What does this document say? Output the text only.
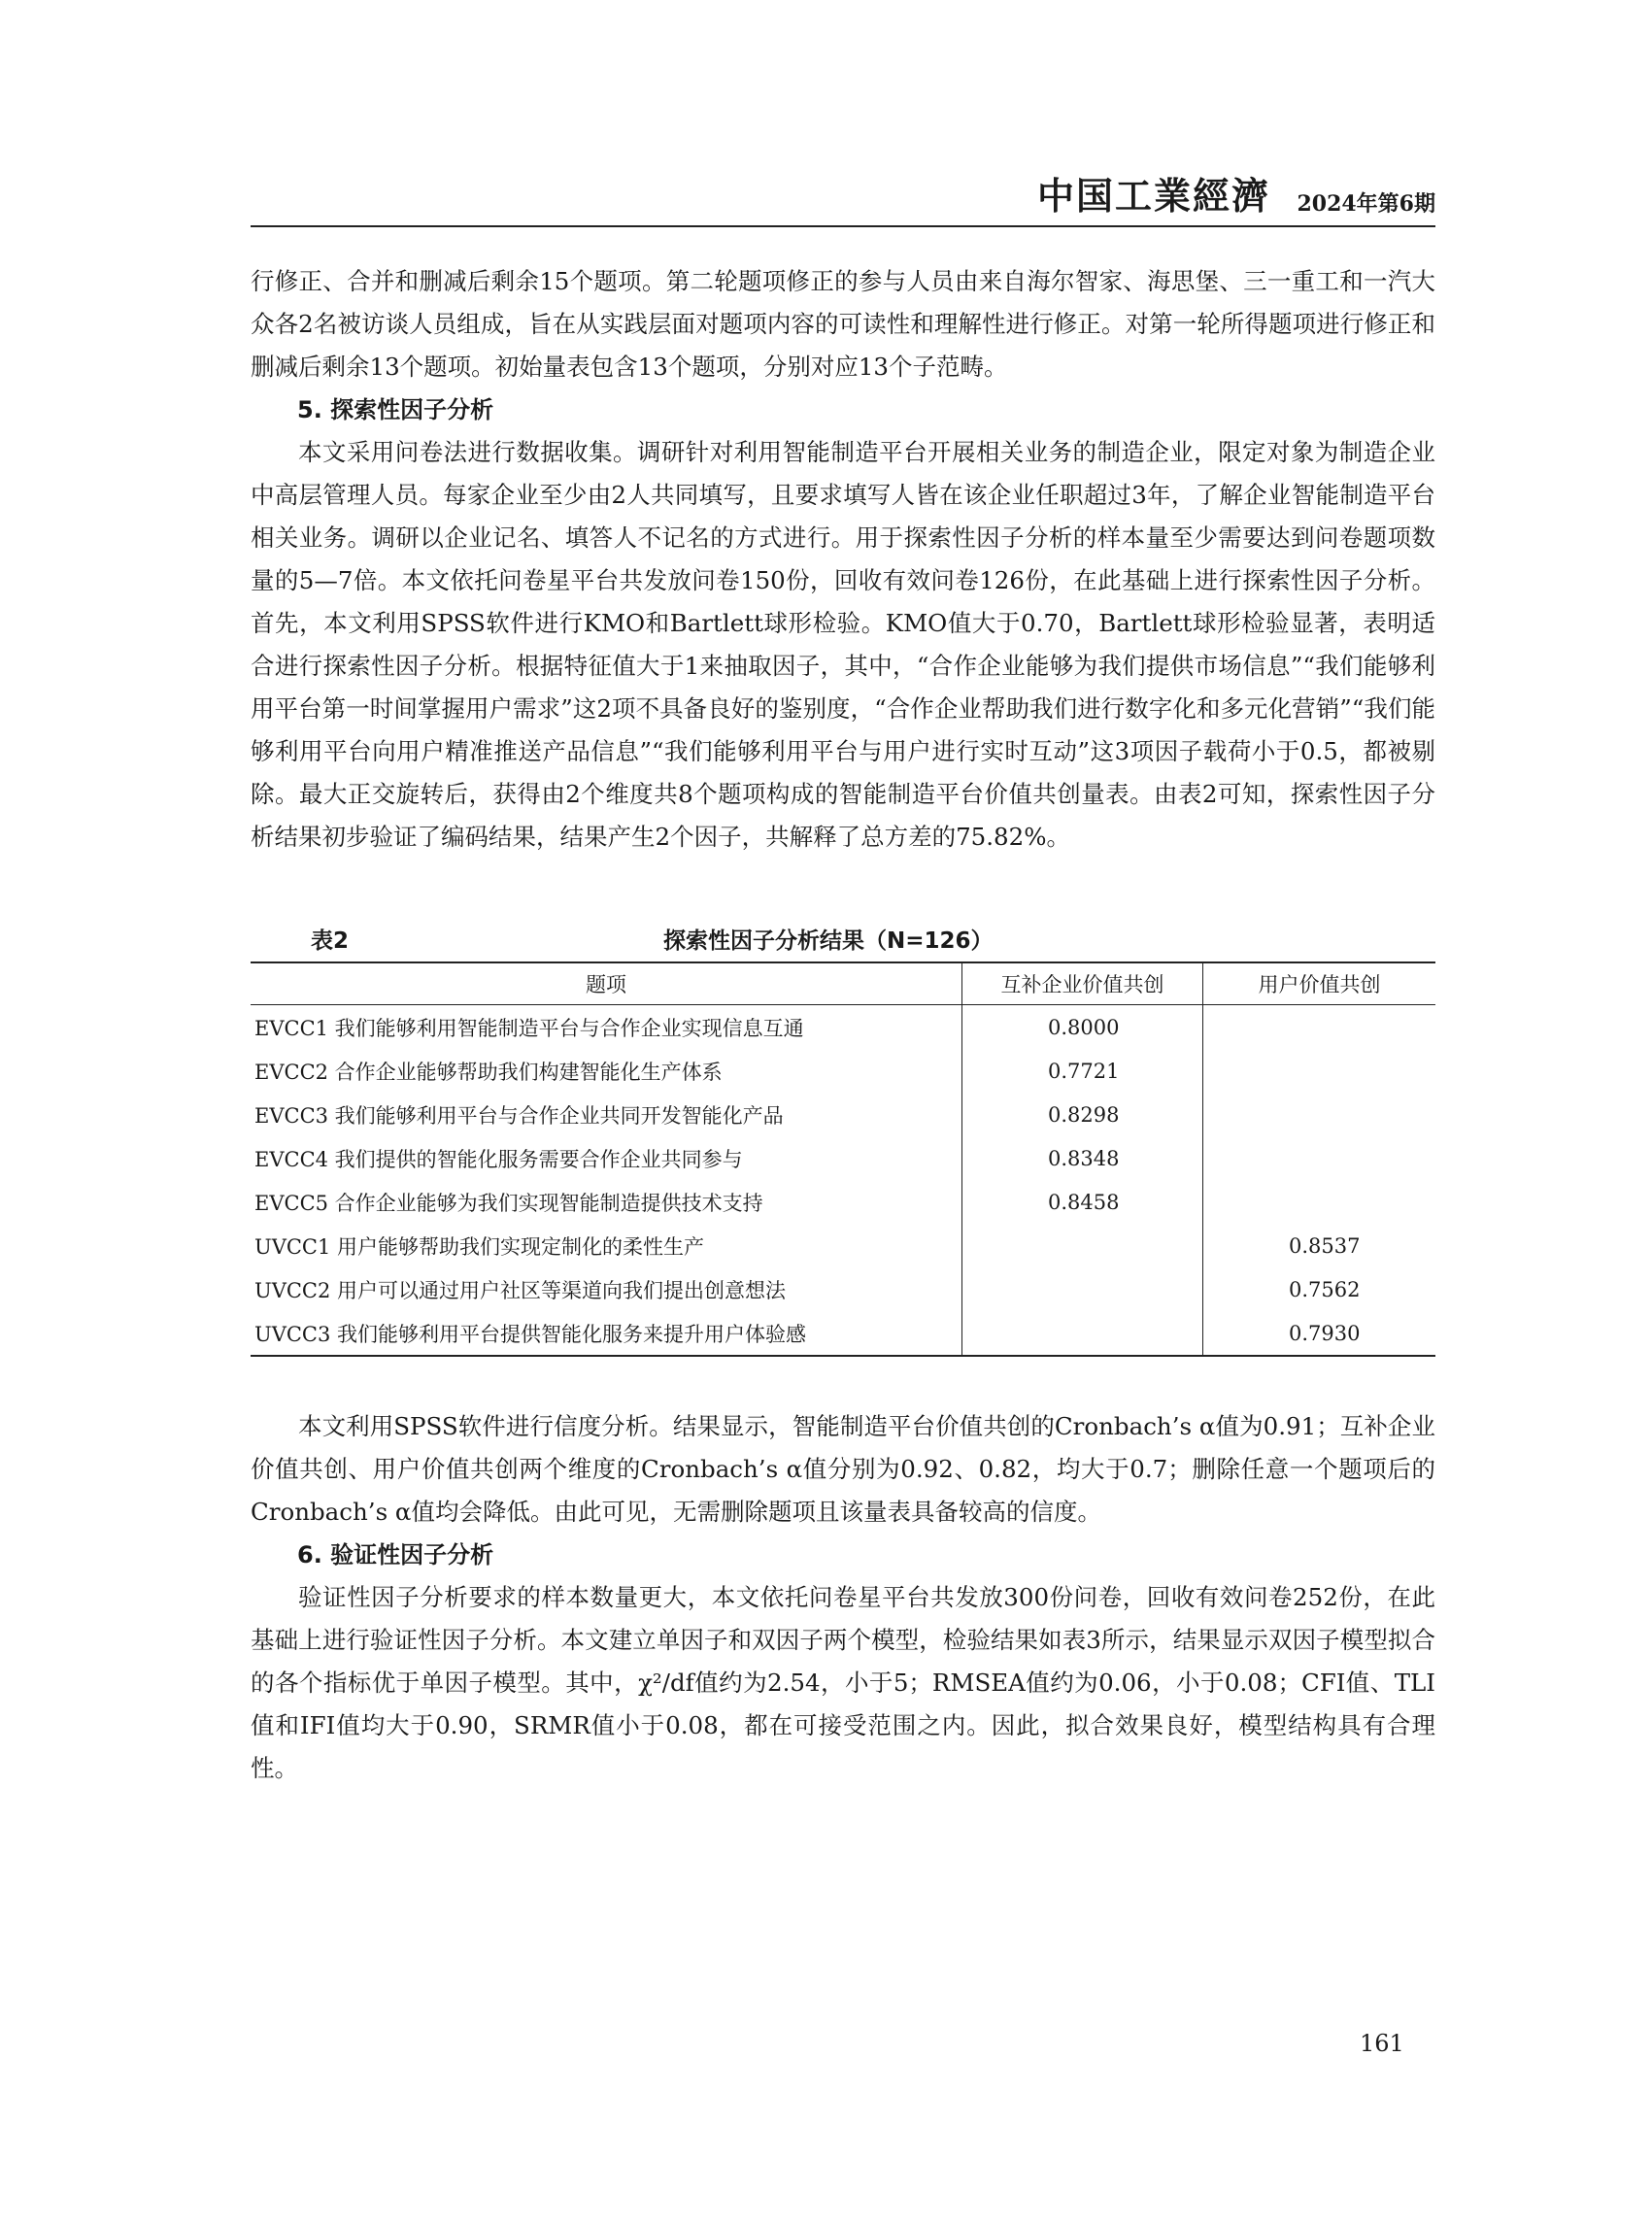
中国工業經濟 2024年第6期

行修正、合并和删减后剩余15个题项。第二轮题项修正的参与人员由来自海尔智家、海思堡、三一重工和一汽大众各2名被访谈人员组成，旨在从实践层面对题项内容的可读性和理解性进行修正。对第一轮所得题项进行修正和删减后剩余13个题项。初始量表包含13个题项，分别对应13个子范畴。

5. 探索性因子分析

本文采用问卷法进行数据收集。调研针对利用智能制造平台开展相关业务的制造企业，限定对象为制造企业中高层管理人员。每家企业至少由2人共同填写，且要求填写人皆在该企业任职超过3年，了解企业智能制造平台相关业务。调研以企业记名、填答人不记名的方式进行。用于探索性因子分析的样本量至少需要达到问卷题项数量的5—7倍。本文依托问卷星平台共发放问卷150份，回收有效问卷126份，在此基础上进行探索性因子分析。首先，本文利用SPSS软件进行KMO和Bartlett球形检验。KMO值大于0.70，Bartlett球形检验显著，表明适合进行探索性因子分析。根据特征值大于1来抽取因子，其中，“合作企业能够为我们提供市场信息”“我们能够利用平台第一时间掌握用户需求”这2项不具备良好的鉴别度，“合作企业帮助我们进行数字化和多元化营销”“我们能够利用平台向用户精准推送产品信息”“我们能够利用平台与用户进行实时互动”这3项因子载荷小于0.5，都被剔除。最大正交旋转后，获得由2个维度共8个题项构成的智能制造平台价值共创量表。由表2可知，探索性因子分析结果初步验证了编码结果，结果产生2个因子，共解释了总方差的75.82%。

表2	探索性因子分析结果（N=126）
题项	互补企业价值共创	用户价值共创
EVCC1 我们能够利用智能制造平台与合作企业实现信息互通	0.8000	
EVCC2 合作企业能够帮助我们构建智能化生产体系	0.7721	
EVCC3 我们能够利用平台与合作企业共同开发智能化产品	0.8298	
EVCC4 我们提供的智能化服务需要合作企业共同参与	0.8348	
EVCC5 合作企业能够为我们实现智能制造提供技术支持	0.8458	
UVCC1 用户能够帮助我们实现定制化的柔性生产		0.8537
UVCC2 用户可以通过用户社区等渠道向我们提出创意想法		0.7562
UVCC3 我们能够利用平台提供智能化服务来提升用户体验感		0.7930

本文利用SPSS软件进行信度分析。结果显示，智能制造平台价值共创的Cronbach’s α值为0.91；互补企业价值共创、用户价值共创两个维度的Cronbach’s α值分别为0.92、0.82，均大于0.7；删除任意一个题项后的Cronbach’s α值均会降低。由此可见，无需删除题项且该量表具备较高的信度。

6. 验证性因子分析

验证性因子分析要求的样本数量更大，本文依托问卷星平台共发放300份问卷，回收有效问卷252份，在此基础上进行验证性因子分析。本文建立单因子和双因子两个模型，检验结果如表3所示，结果显示双因子模型拟合的各个指标优于单因子模型。其中，χ²/df值约为2.54，小于5；RMSEA值约为0.06，小于0.08；CFI值、TLI值和IFI值均大于0.90，SRMR值小于0.08，都在可接受范围之内。因此，拟合效果良好，模型结构具有合理性。

161
